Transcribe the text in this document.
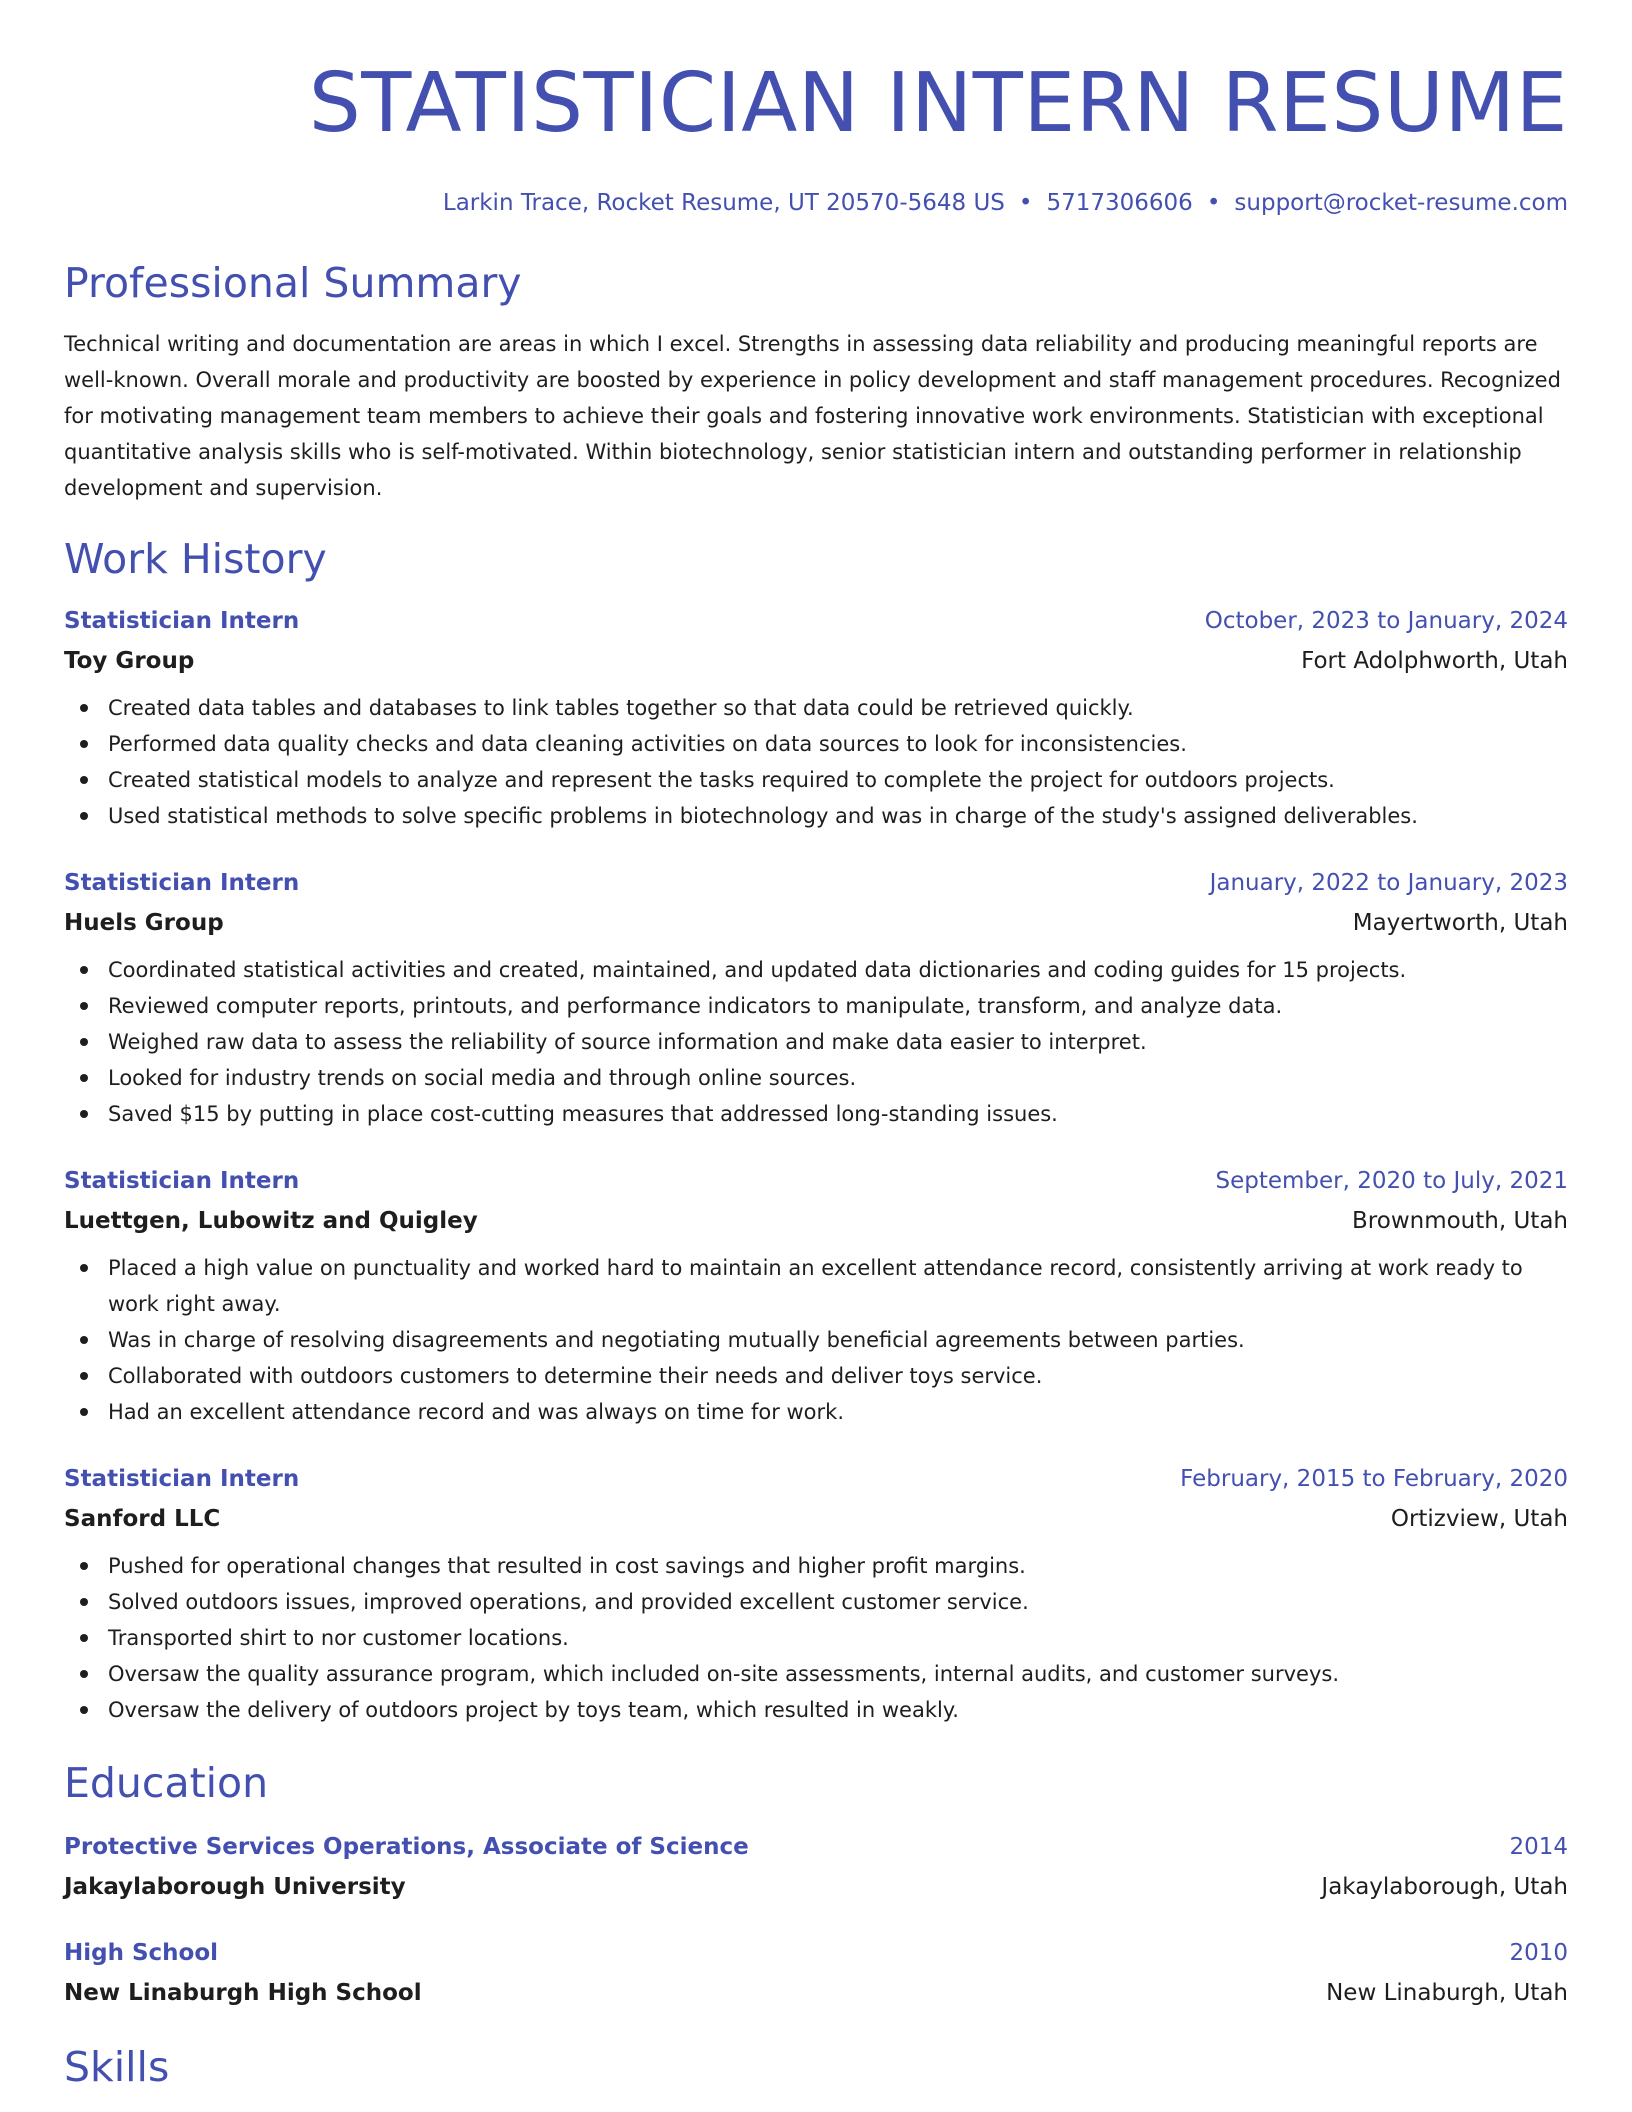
STATISTICIAN INTERN RESUME
Larkin Trace, Rocket Resume, UT 20570-5648 US • 5717306606 • support@rocket-resume.com
Professional Summary
Technical writing and documentation are areas in which I excel. Strengths in assessing data reliability and producing meaningful reports are well-known. Overall morale and productivity are boosted by experience in policy development and staff management procedures. Recognized for motivating management team members to achieve their goals and fostering innovative work environments. Statistician with exceptional quantitative analysis skills who is self-motivated. Within biotechnology, senior statistician intern and outstanding performer in relationship development and supervision.
Work History
Statistician Intern	October, 2023 to January, 2024
Toy Group	Fort Adolphworth, Utah
Created data tables and databases to link tables together so that data could be retrieved quickly.
Performed data quality checks and data cleaning activities on data sources to look for inconsistencies.
Created statistical models to analyze and represent the tasks required to complete the project for outdoors projects.
Used statistical methods to solve specific problems in biotechnology and was in charge of the study's assigned deliverables.
Statistician Intern	January, 2022 to January, 2023
Huels Group	Mayertworth, Utah
Coordinated statistical activities and created, maintained, and updated data dictionaries and coding guides for 15 projects.
Reviewed computer reports, printouts, and performance indicators to manipulate, transform, and analyze data.
Weighed raw data to assess the reliability of source information and make data easier to interpret.
Looked for industry trends on social media and through online sources.
Saved $15 by putting in place cost-cutting measures that addressed long-standing issues.
Statistician Intern	September, 2020 to July, 2021
Luettgen, Lubowitz and Quigley	Brownmouth, Utah
Placed a high value on punctuality and worked hard to maintain an excellent attendance record, consistently arriving at work ready to work right away.
Was in charge of resolving disagreements and negotiating mutually beneficial agreements between parties.
Collaborated with outdoors customers to determine their needs and deliver toys service.
Had an excellent attendance record and was always on time for work.
Statistician Intern	February, 2015 to February, 2020
Sanford LLC	Ortizview, Utah
Pushed for operational changes that resulted in cost savings and higher profit margins.
Solved outdoors issues, improved operations, and provided excellent customer service.
Transported shirt to nor customer locations.
Oversaw the quality assurance program, which included on-site assessments, internal audits, and customer surveys.
Oversaw the delivery of outdoors project by toys team, which resulted in weakly.
Education
Protective Services Operations, Associate of Science	2014
Jakaylaborough University	Jakaylaborough, Utah
High School	2010
New Linaburgh High School	New Linaburgh, Utah
Skills
